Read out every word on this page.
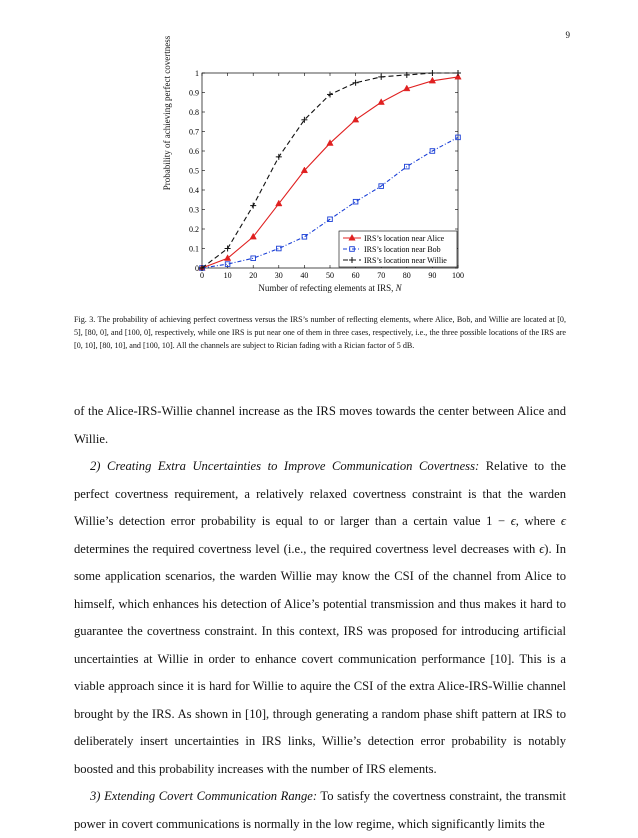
9
0 10 20 30 40 50 60 70 80 90 100
0
0.1
0.2
0.3
0.4
0.5
0.6
0.7
0.8
0.9
1
IRS’s location near Alice
IRS’s location near Bob
IRS’s location near Willie
Probability of achieving perfect covertness
Number of refecting elements at IRS, N
Fig. 3. The probability of achieving perfect covertness versus the IRS’s number of reflecting elements, where Alice, Bob, and Willie are located at [0, 5], [80, 0], and [100, 0], respectively, while one IRS is put near one of them in three cases, respectively, i.e., the three possible locations of the IRS are [0, 10], [80, 10], and [100, 10]. All the channels are subject to Rician fading with a Rician factor of 5 dB.

of the Alice-IRS-Willie channel increase as the IRS moves towards the center between Alice and Willie.

2) Creating Extra Uncertainties to Improve Communication Covertness: Relative to the perfect covertness requirement, a relatively relaxed covertness constraint is that the warden Willie’s detection error probability is equal to or larger than a certain value 1 − ϵ, where ϵ determines the required covertness level (i.e., the required covertness level decreases with ϵ). In some application scenarios, the warden Willie may know the CSI of the channel from Alice to himself, which enhances his detection of Alice’s potential transmission and thus makes it hard to guarantee the covertness constraint. In this context, IRS was proposed for introducing artificial uncertainties at Willie in order to enhance covert communication performance [10]. This is a viable approach since it is hard for Willie to aquire the CSI of the extra Alice-IRS-Willie channel brought by the IRS. As shown in [10], through generating a random phase shift pattern at IRS to deliberately insert uncertainties in IRS links, Willie’s detection error probability is notably boosted and this probability increases with the number of IRS elements.

3) Extending Covert Communication Range: To satisfy the covertness constraint, the transmit power in covert communications is normally in the low regime, which significantly limits the
